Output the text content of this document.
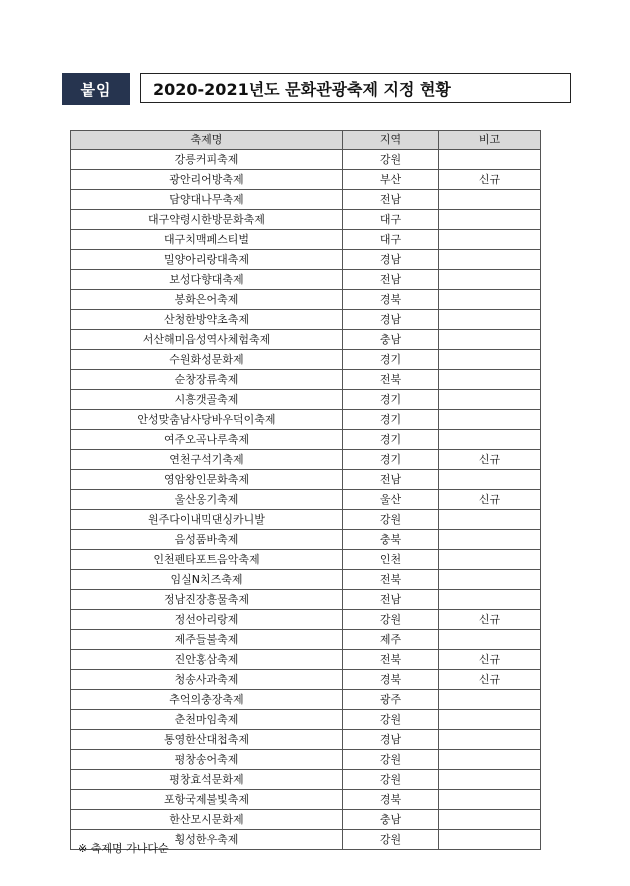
붙임	2020-2021년도 문화관광축제 지정 현황
축제명	지역	비고
강릉커피축제	강원	
광안리어방축제	부산	신규
담양대나무축제	전남	
대구약령시한방문화축제	대구	
대구치맥페스티벌	대구	
밀양아리랑대축제	경남	
보성다향대축제	전남	
봉화은어축제	경북	
산청한방약초축제	경남	
서산해미읍성역사체험축제	충남	
수원화성문화제	경기	
순창장류축제	전북	
시흥갯골축제	경기	
안성맞춤남사당바우덕이축제	경기	
여주오곡나루축제	경기	
연천구석기축제	경기	신규
영암왕인문화축제	전남	
울산옹기축제	울산	신규
원주다이내믹댄싱카니발	강원	
음성품바축제	충북	
인천펜타포트음악축제	인천	
임실N치즈축제	전북	
정남진장흥물축제	전남	
정선아리랑제	강원	신규
제주들불축제	제주	
진안홍삼축제	전북	신규
청송사과축제	경북	신규
추억의충장축제	광주	
춘천마임축제	강원	
통영한산대첩축제	경남	
평창송어축제	강원	
평창효석문화제	강원	
포항국제불빛축제	경북	
한산모시문화제	충남	
횡성한우축제	강원	
※ 축제명 가나다순
